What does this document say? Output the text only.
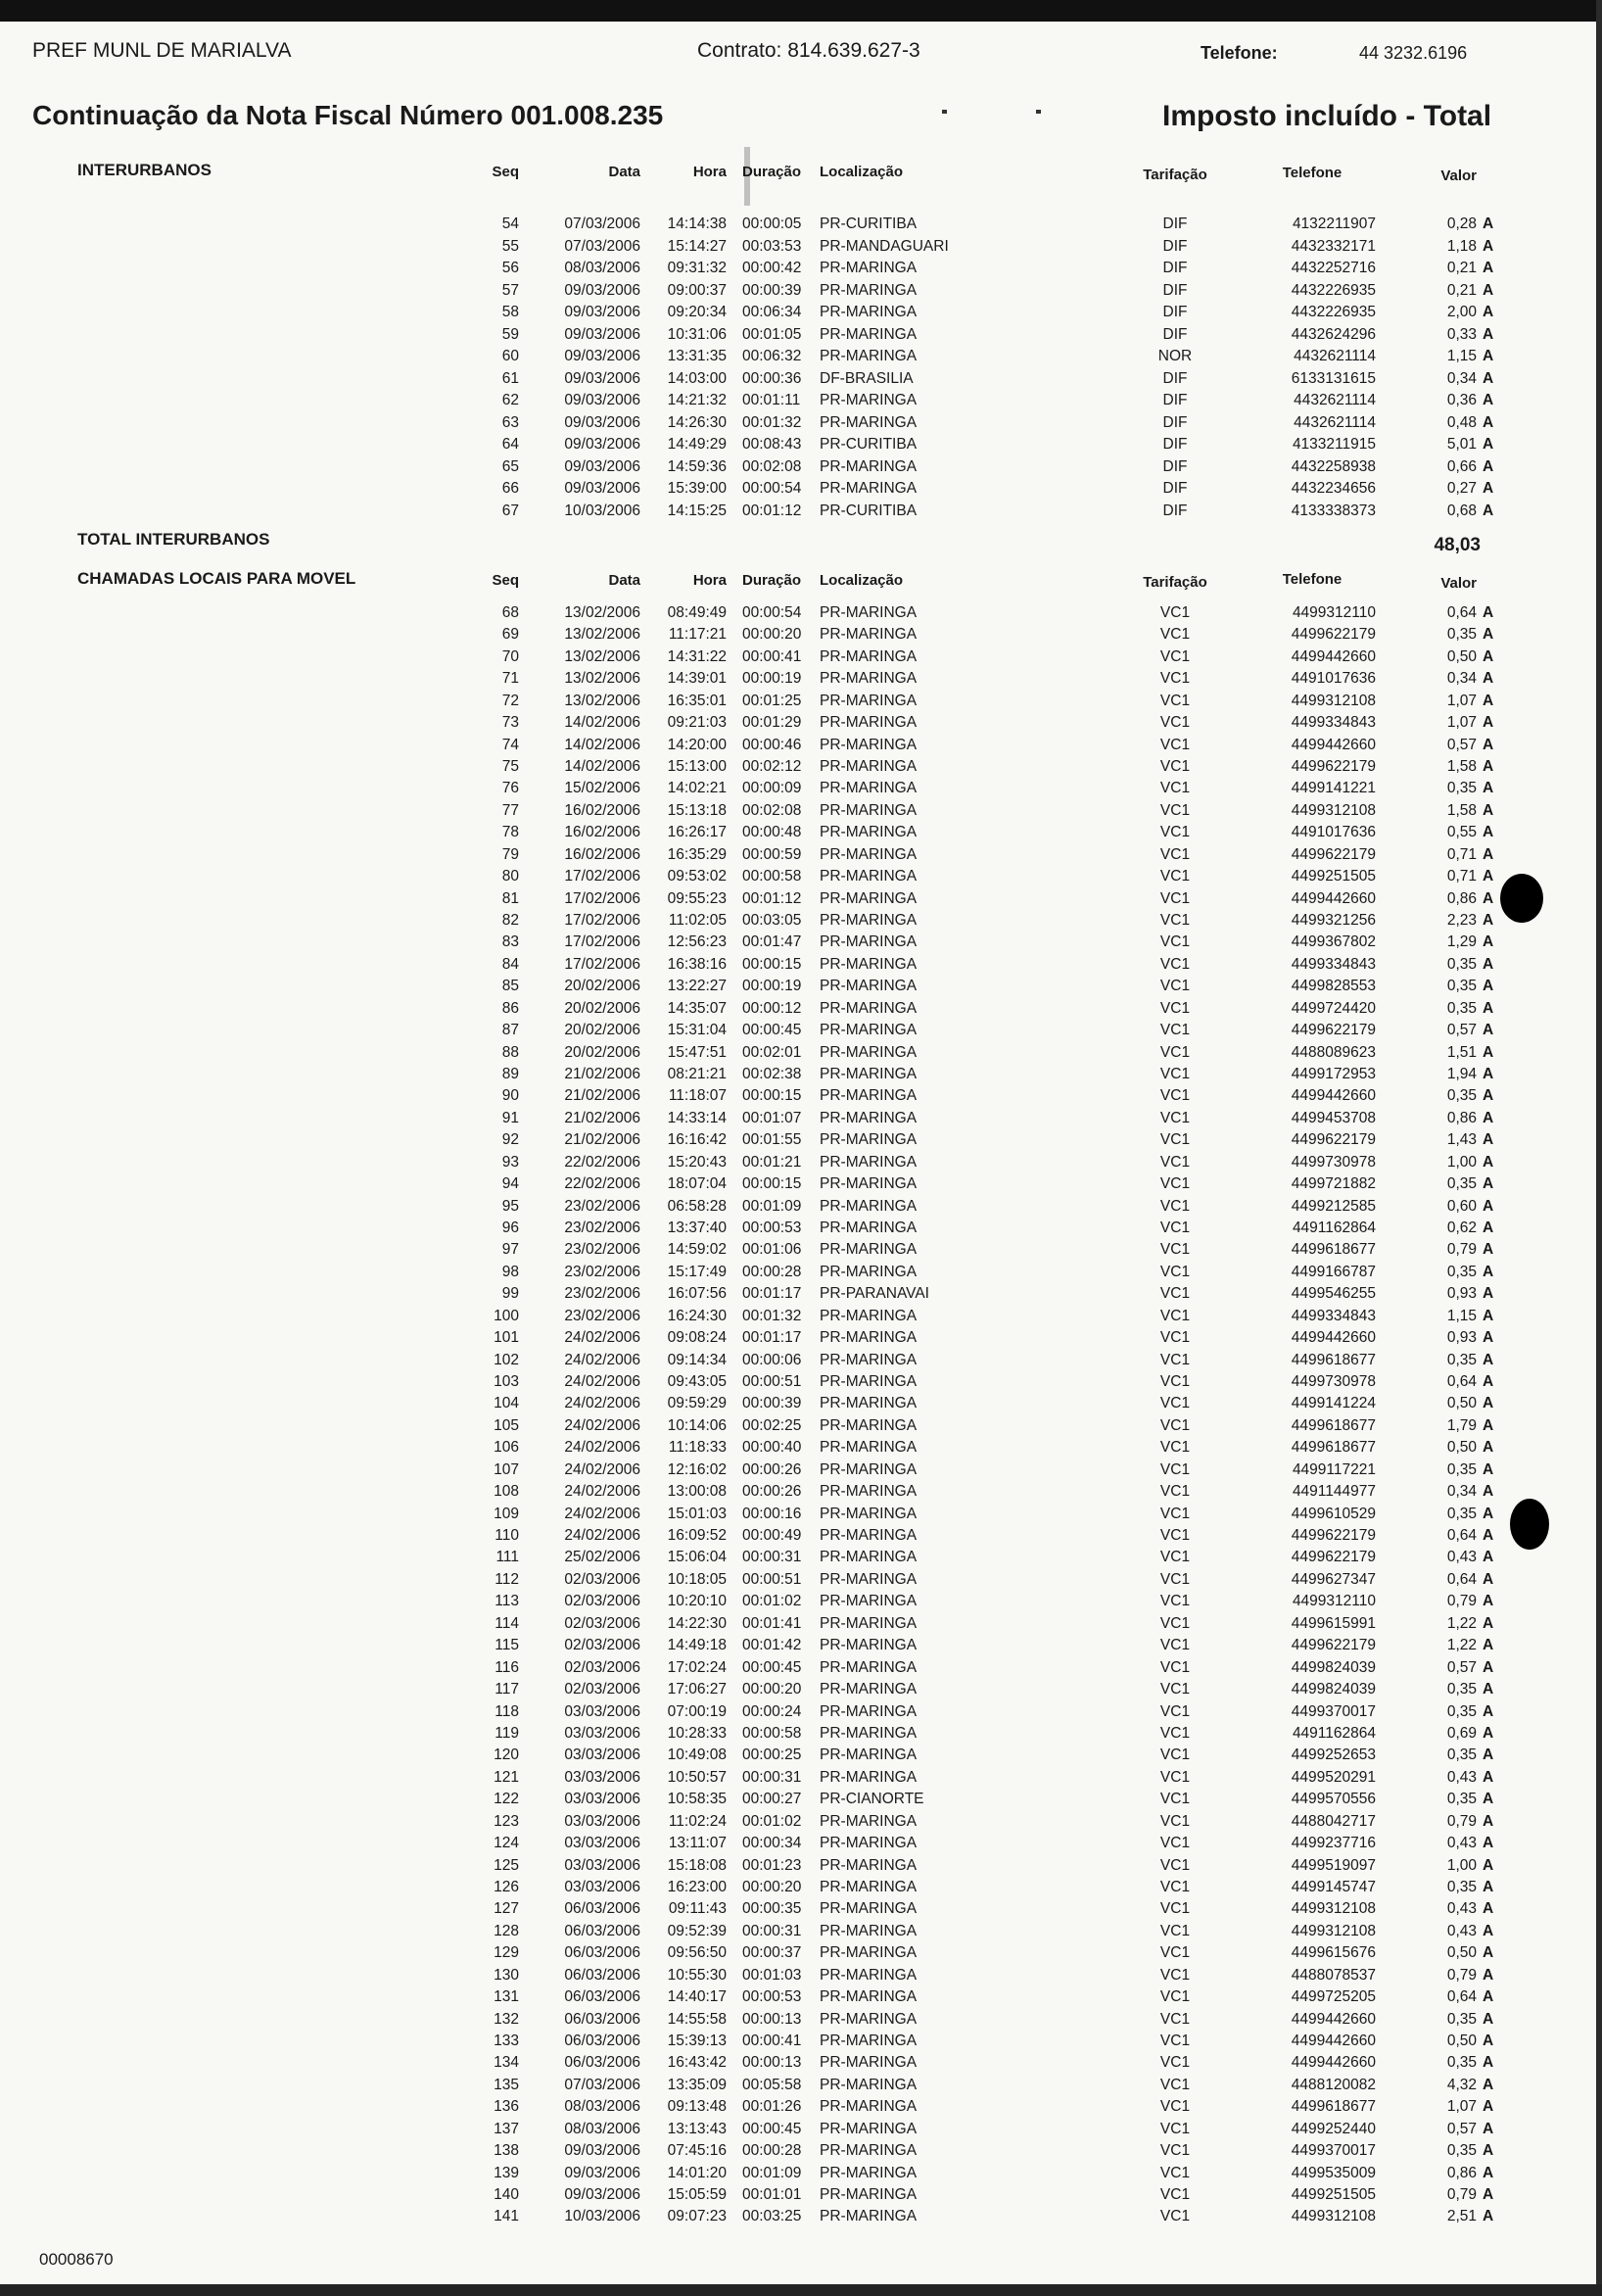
PREF MUNL DE MARIALVA	Contrato: 814.639.627-3	Telefone:	44 3232.6196
Continuação da Nota Fiscal Número 001.008.235	Imposto incluído - Total
INTERURBANOS	Seq	Data	Hora Duração Localização	Tarifação	Telefone	Valor
54	07/03/2006	14:14:38 00:00:05	PR-CURITIBA	DIF	4132211907	0,28 A
55	07/03/2006	15:14:27 00:03:53	PR-MANDAGUARI	DIF	4432332171	1,18 A
56	08/03/2006	09:31:32 00:00:42	PR-MARINGA	DIF	4432252716	0,21 A
57	09/03/2006	09:00:37 00:00:39	PR-MARINGA	DIF	4432226935	0,21 A
58	09/03/2006	09:20:34 00:06:34	PR-MARINGA	DIF	4432226935	2,00 A
59	09/03/2006	10:31:06 00:01:05	PR-MARINGA	DIF	4432624296	0,33 A
60	09/03/2006	13:31:35 00:06:32	PR-MARINGA	NOR	4432621114	1,15 A
61	09/03/2006	14:03:00 00:00:36	DF-BRASILIA	DIF	6133131615	0,34 A
62	09/03/2006	14:21:32 00:01:11	PR-MARINGA	DIF	4432621114	0,36 A
63	09/03/2006	14:26:30 00:01:32	PR-MARINGA	DIF	4432621114	0,48 A
64	09/03/2006	14:49:29 00:08:43	PR-CURITIBA	DIF	4133211915	5,01 A
65	09/03/2006	14:59:36 00:02:08	PR-MARINGA	DIF	4432258938	0,66 A
66	09/03/2006	15:39:00 00:00:54	PR-MARINGA	DIF	4432234656	0,27 A
67	10/03/2006	14:15:25 00:01:12	PR-CURITIBA	DIF	4133338373	0,68 A
TOTAL INTERURBANOS	48,03
CHAMADAS LOCAIS PARA MOVEL	Seq	Data	Hora Duração Localização	Tarifação	Telefone	Valor
68	13/02/2006	08:49:49 00:00:54	PR-MARINGA	VC1	4499312110	0,64 A
69	13/02/2006	11:17:21 00:00:20	PR-MARINGA	VC1	4499622179	0,35 A
70	13/02/2006	14:31:22 00:00:41	PR-MARINGA	VC1	4499442660	0,50 A
71	13/02/2006	14:39:01 00:00:19	PR-MARINGA	VC1	4491017636	0,34 A
72	13/02/2006	16:35:01 00:01:25	PR-MARINGA	VC1	4499312108	1,07 A
73	14/02/2006	09:21:03 00:01:29	PR-MARINGA	VC1	4499334843	1,07 A
74	14/02/2006	14:20:00 00:00:46	PR-MARINGA	VC1	4499442660	0,57 A
75	14/02/2006	15:13:00 00:02:12	PR-MARINGA	VC1	4499622179	1,58 A
76	15/02/2006	14:02:21 00:00:09	PR-MARINGA	VC1	4499141221	0,35 A
77	16/02/2006	15:13:18 00:02:08	PR-MARINGA	VC1	4499312108	1,58 A
78	16/02/2006	16:26:17 00:00:48	PR-MARINGA	VC1	4491017636	0,55 A
79	16/02/2006	16:35:29 00:00:59	PR-MARINGA	VC1	4499622179	0,71 A
80	17/02/2006	09:53:02 00:00:58	PR-MARINGA	VC1	4499251505	0,71 A
81	17/02/2006	09:55:23 00:01:12	PR-MARINGA	VC1	4499442660	0,86 A
82	17/02/2006	11:02:05 00:03:05	PR-MARINGA	VC1	4499321256	2,23 A
83	17/02/2006	12:56:23 00:01:47	PR-MARINGA	VC1	4499367802	1,29 A
84	17/02/2006	16:38:16 00:00:15	PR-MARINGA	VC1	4499334843	0,35 A
85	20/02/2006	13:22:27 00:00:19	PR-MARINGA	VC1	4499828553	0,35 A
86	20/02/2006	14:35:07 00:00:12	PR-MARINGA	VC1	4499724420	0,35 A
87	20/02/2006	15:31:04 00:00:45	PR-MARINGA	VC1	4499622179	0,57 A
88	20/02/2006	15:47:51 00:02:01	PR-MARINGA	VC1	4488089623	1,51 A
89	21/02/2006	08:21:21 00:02:38	PR-MARINGA	VC1	4499172953	1,94 A
90	21/02/2006	11:18:07 00:00:15	PR-MARINGA	VC1	4499442660	0,35 A
91	21/02/2006	14:33:14 00:01:07	PR-MARINGA	VC1	4499453708	0,86 A
92	21/02/2006	16:16:42 00:01:55	PR-MARINGA	VC1	4499622179	1,43 A
93	22/02/2006	15:20:43 00:01:21	PR-MARINGA	VC1	4499730978	1,00 A
94	22/02/2006	18:07:04 00:00:15	PR-MARINGA	VC1	4499721882	0,35 A
95	23/02/2006	06:58:28 00:01:09	PR-MARINGA	VC1	4499212585	0,60 A
96	23/02/2006	13:37:40 00:00:53	PR-MARINGA	VC1	4491162864	0,62 A
97	23/02/2006	14:59:02 00:01:06	PR-MARINGA	VC1	4499618677	0,79 A
98	23/02/2006	15:17:49 00:00:28	PR-MARINGA	VC1	4499166787	0,35 A
99	23/02/2006	16:07:56 00:01:17	PR-PARANAVAI	VC1	4499546255	0,93 A
100	23/02/2006	16:24:30 00:01:32	PR-MARINGA	VC1	4499334843	1,15 A
101	24/02/2006	09:08:24 00:01:17	PR-MARINGA	VC1	4499442660	0,93 A
102	24/02/2006	09:14:34 00:00:06	PR-MARINGA	VC1	4499618677	0,35 A
103	24/02/2006	09:43:05 00:00:51	PR-MARINGA	VC1	4499730978	0,64 A
104	24/02/2006	09:59:29 00:00:39	PR-MARINGA	VC1	4499141224	0,50 A
105	24/02/2006	10:14:06 00:02:25	PR-MARINGA	VC1	4499618677	1,79 A
106	24/02/2006	11:18:33 00:00:40	PR-MARINGA	VC1	4499618677	0,50 A
107	24/02/2006	12:16:02 00:00:26	PR-MARINGA	VC1	4499117221	0,35 A
108	24/02/2006	13:00:08 00:00:26	PR-MARINGA	VC1	4491144977	0,34 A
109	24/02/2006	15:01:03 00:00:16	PR-MARINGA	VC1	4499610529	0,35 A
110	24/02/2006	16:09:52 00:00:49	PR-MARINGA	VC1	4499622179	0,64 A
111	25/02/2006	15:06:04 00:00:31	PR-MARINGA	VC1	4499622179	0,43 A
112	02/03/2006	10:18:05 00:00:51	PR-MARINGA	VC1	4499627347	0,64 A
113	02/03/2006	10:20:10 00:01:02	PR-MARINGA	VC1	4499312110	0,79 A
114	02/03/2006	14:22:30 00:01:41	PR-MARINGA	VC1	4499615991	1,22 A
115	02/03/2006	14:49:18 00:01:42	PR-MARINGA	VC1	4499622179	1,22 A
116	02/03/2006	17:02:24 00:00:45	PR-MARINGA	VC1	4499824039	0,57 A
117	02/03/2006	17:06:27 00:00:20	PR-MARINGA	VC1	4499824039	0,35 A
118	03/03/2006	07:00:19 00:00:24	PR-MARINGA	VC1	4499370017	0,35 A
119	03/03/2006	10:28:33 00:00:58	PR-MARINGA	VC1	4491162864	0,69 A
120	03/03/2006	10:49:08 00:00:25	PR-MARINGA	VC1	4499252653	0,35 A
121	03/03/2006	10:50:57 00:00:31	PR-MARINGA	VC1	4499520291	0,43 A
122	03/03/2006	10:58:35 00:00:27	PR-CIANORTE	VC1	4499570556	0,35 A
123	03/03/2006	11:02:24 00:01:02	PR-MARINGA	VC1	4488042717	0,79 A
124	03/03/2006	13:11:07 00:00:34	PR-MARINGA	VC1	4499237716	0,43 A
125	03/03/2006	15:18:08 00:01:23	PR-MARINGA	VC1	4499519097	1,00 A
126	03/03/2006	16:23:00 00:00:20	PR-MARINGA	VC1	4499145747	0,35 A
127	06/03/2006	09:11:43 00:00:35	PR-MARINGA	VC1	4499312108	0,43 A
128	06/03/2006	09:52:39 00:00:31	PR-MARINGA	VC1	4499312108	0,43 A
129	06/03/2006	09:56:50 00:00:37	PR-MARINGA	VC1	4499615676	0,50 A
130	06/03/2006	10:55:30 00:01:03	PR-MARINGA	VC1	4488078537	0,79 A
131	06/03/2006	14:40:17 00:00:53	PR-MARINGA	VC1	4499725205	0,64 A
132	06/03/2006	14:55:58 00:00:13	PR-MARINGA	VC1	4499442660	0,35 A
133	06/03/2006	15:39:13 00:00:41	PR-MARINGA	VC1	4499442660	0,50 A
134	06/03/2006	16:43:42 00:00:13	PR-MARINGA	VC1	4499442660	0,35 A
135	07/03/2006	13:35:09 00:05:58	PR-MARINGA	VC1	4488120082	4,32 A
136	08/03/2006	09:13:48 00:01:26	PR-MARINGA	VC1	4499618677	1,07 A
137	08/03/2006	13:13:43 00:00:45	PR-MARINGA	VC1	4499252440	0,57 A
138	09/03/2006	07:45:16 00:00:28	PR-MARINGA	VC1	4499370017	0,35 A
139	09/03/2006	14:01:20 00:01:09	PR-MARINGA	VC1	4499535009	0,86 A
140	09/03/2006	15:05:59 00:01:01	PR-MARINGA	VC1	4499251505	0,79 A
141	10/03/2006	09:07:23 00:03:25	PR-MARINGA	VC1	4499312108	2,51 A
00008670
